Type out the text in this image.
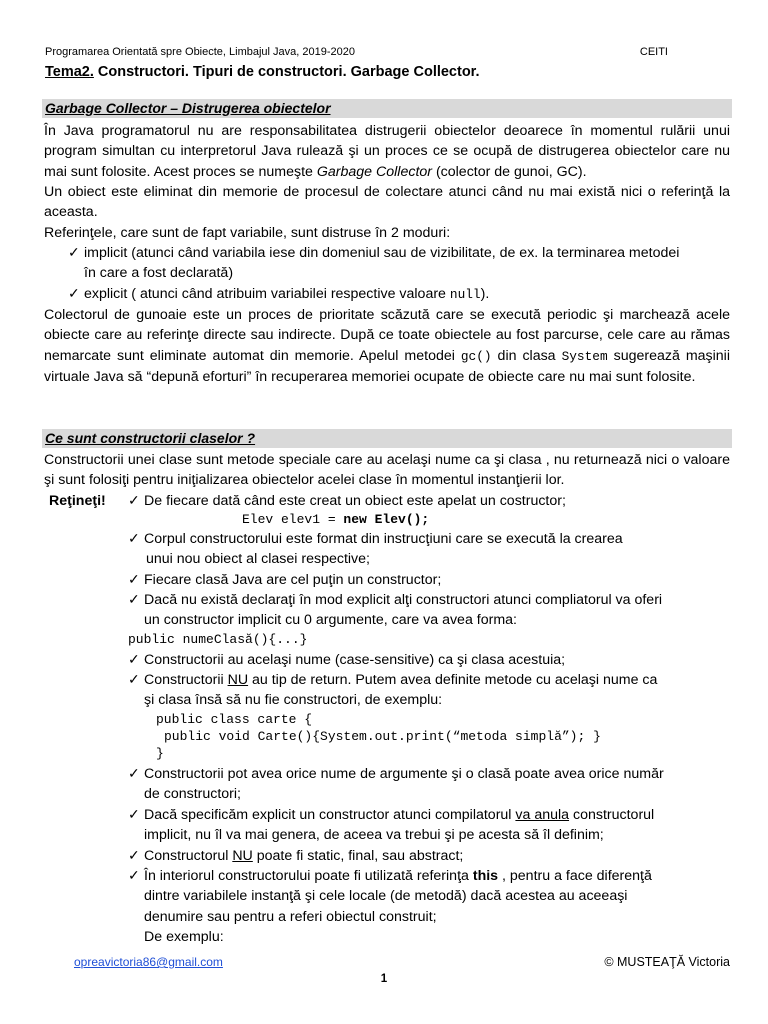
Programarea Orientată spre Obiecte, Limbajul Java, 2019-2020	CEITI
Tema2. Constructori. Tipuri de constructori. Garbage Collector.
Garbage Collector – Distrugerea obiectelor

În Java programatorul nu are responsabilitatea distrugerii obiectelor deoarece în momentul rulării unui program simultan cu interpretorul Java rulează şi un proces ce se ocupă de distrugerea obiectelor care nu mai sunt folosite. Acest proces se numeşte Garbage Collector (colector de gunoi, GC).

Un obiect este eliminat din memorie de procesul de colectare atunci când nu mai există nici o referinţă la aceasta.

Referinţele, care sunt de fapt variabile, sunt distruse în 2 moduri:

✓ implicit (atunci când variabila iese din domeniul sau de vizibilitate, de ex. la terminarea metodei
în care a fost declarată)
✓ explicit ( atunci când atribuim variabilei respective valoare null).

Colectorul de gunoaie este un proces de prioritate scăzută care se execută periodic şi marchează acele obiecte care au referinţe directe sau indirecte. După ce toate obiectele au fost parcurse, cele care au rămas nemarcate sunt eliminate automat din memorie. Apelul metodei gc() din clasa System sugerează maşinii virtuale Java să “depună eforturi” în recuperarea memoriei ocupate de obiecte care nu mai sunt folosite.

Ce sunt constructorii claselor ?

Constructorii unei clase sunt metode speciale care au acelaşi nume ca şi clasa , nu returnează nici o valoare şi sunt folosiţi pentru iniţializarea obiectelor acelei clase în momentul instanţierii lor.

Reţineţi! ✓ De fiecare dată când este creat un obiect este apelat un costructor;
Elev elev1 = new Elev();
✓ Corpul constructorului este format din instrucţiuni care se execută la crearea
unui nou obiect al clasei respective;
✓ Fiecare clasă Java are cel puţin un constructor;
✓ Dacă nu există declaraţi în mod explicit alţi constructori atunci compliatorul va oferi
un constructor implicit cu 0 argumente, care va avea forma:
public numeClasă(){...}
✓ Constructorii au acelaşi nume (case-sensitive) ca şi clasa acestuia;
✓ Constructorii NU au tip de return. Putem avea definite metode cu acelaşi nume ca
şi clasa însă să nu fie constructori, de exemplu:
public class carte {
public void Carte(){System.out.print(“metoda simplă”); }
}
✓ Constructorii pot avea orice nume de argumente şi o clasă poate avea orice număr
de constructori;
✓ Dacă specificăm explicit un constructor atunci compilatorul va anula constructorul
implicit, nu îl va mai genera, de aceea va trebui şi pe acesta să îl definim;
✓ Constructorul NU poate fi static, final, sau abstract;
✓ În interiorul constructorului poate fi utilizată referinţa this , pentru a face diferenţă
dintre variabilele instanţă şi cele locale (de metodă) dacă acestea au aceeaşi
denumire sau pentru a referi obiectul construit;
De exemplu:
opreavictoria86@gmail.com	© MUSTEAŢĂ Victoria
1
